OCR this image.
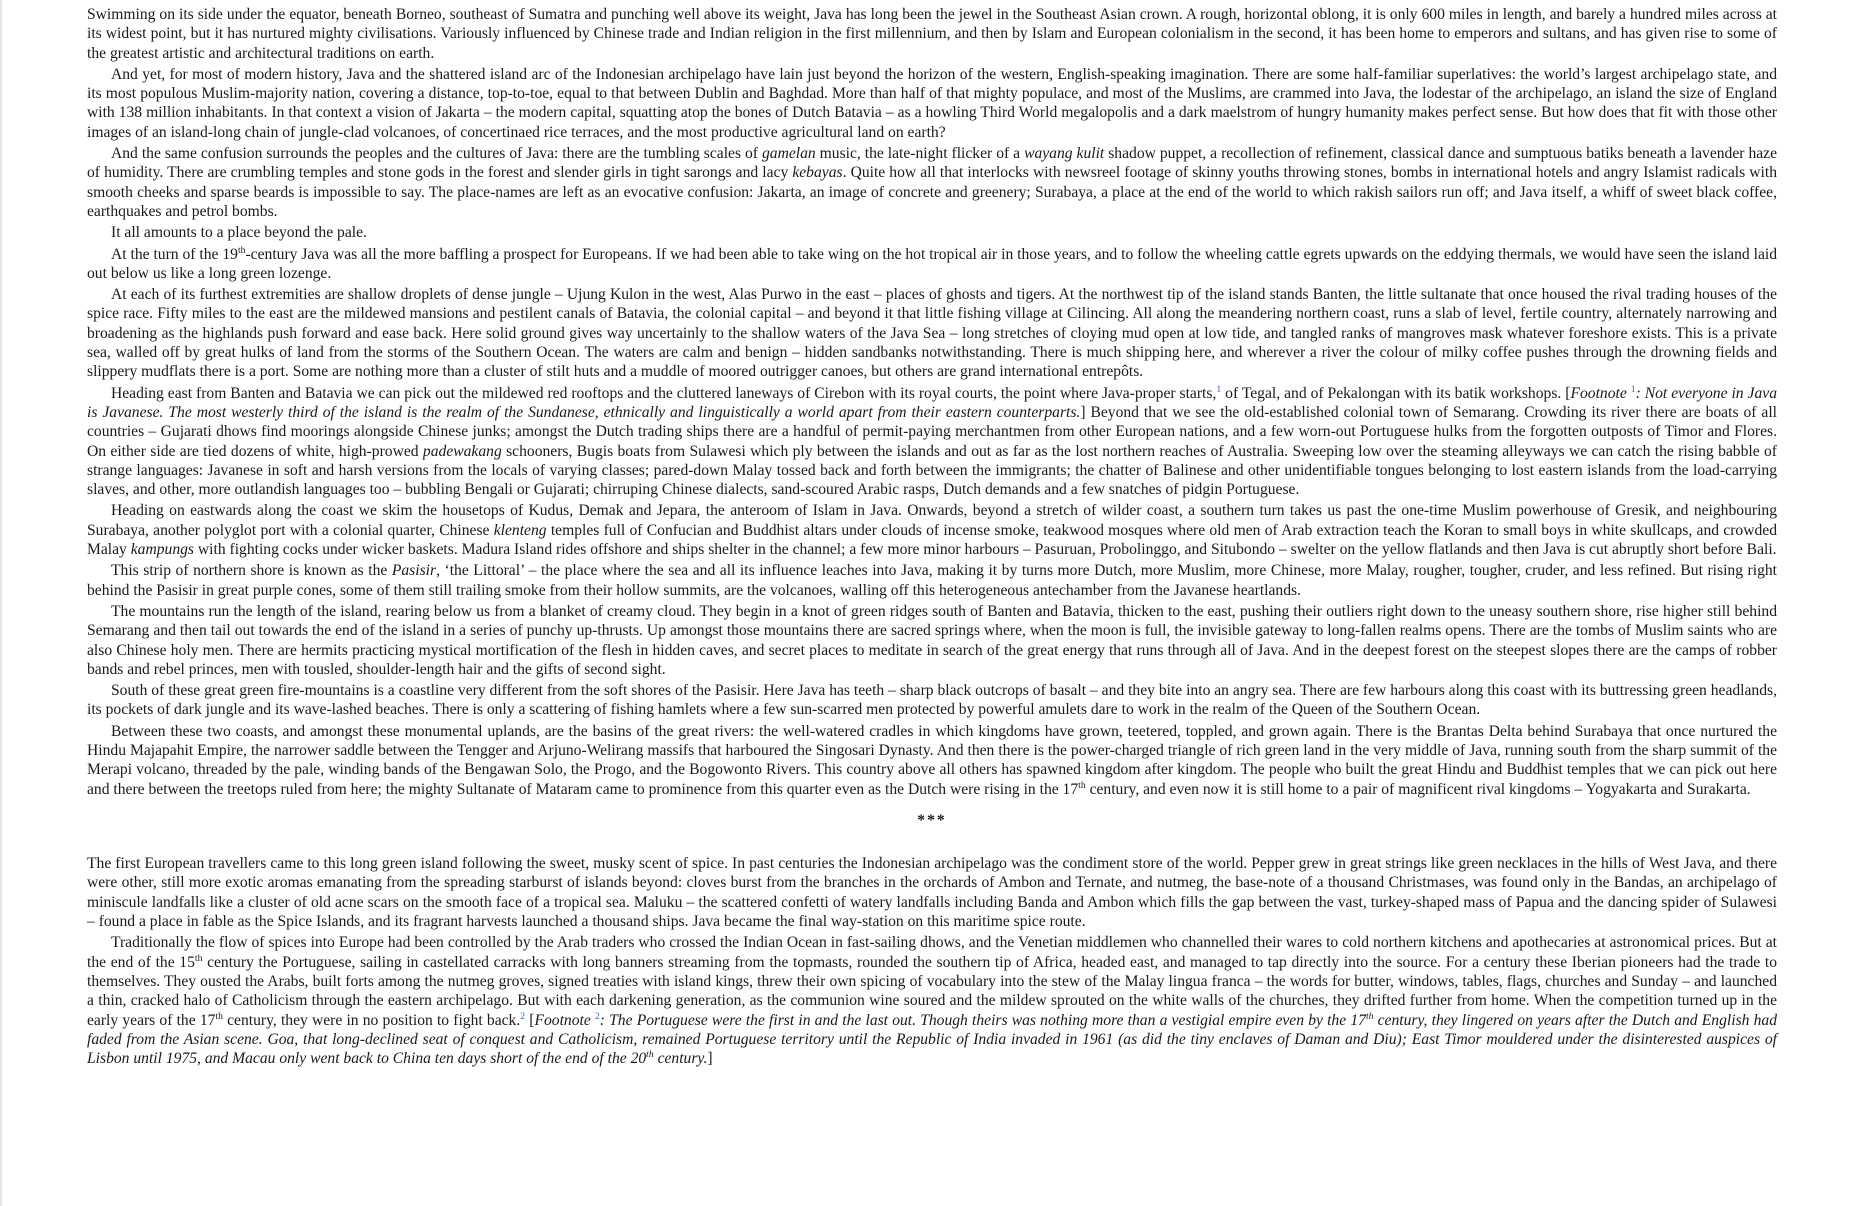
Swimming on its side under the equator, beneath Borneo, southeast of Sumatra and punching well above its weight, Java has long been the jewel in the Southeast Asian crown. A rough, horizontal oblong, it is only 600 miles in length, and barely a hundred miles across at its widest point, but it has nurtured mighty civilisations. Variously influenced by Chinese trade and Indian religion in the first millennium, and then by Islam and European colonialism in the second, it has been home to emperors and sultans, and has given rise to some of the greatest artistic and architectural traditions on earth.

And yet, for most of modern history, Java and the shattered island arc of the Indonesian archipelago have lain just beyond the horizon of the western, English-speaking imagination. There are some half-familiar superlatives: the world’s largest archipelago state, and its most populous Muslim-majority nation, covering a distance, top-to-toe, equal to that between Dublin and Baghdad. More than half of that mighty populace, and most of the Muslims, are crammed into Java, the lodestar of the archipelago, an island the size of England with 138 million inhabitants. In that context a vision of Jakarta – the modern capital, squatting atop the bones of Dutch Batavia – as a howling Third World megalopolis and a dark maelstrom of hungry humanity makes perfect sense. But how does that fit with those other images of an island-long chain of jungle-clad volcanoes, of concertinaed rice terraces, and the most productive agricultural land on earth?

And the same confusion surrounds the peoples and the cultures of Java: there are the tumbling scales of gamelan music, the late-night flicker of a wayang kulit shadow puppet, a recollection of refinement, classical dance and sumptuous batiks beneath a lavender haze of humidity. There are crumbling temples and stone gods in the forest and slender girls in tight sarongs and lacy kebayas. Quite how all that interlocks with newsreel footage of skinny youths throwing stones, bombs in international hotels and angry Islamist radicals with smooth cheeks and sparse beards is impossible to say. The place-names are left as an evocative confusion: Jakarta, an image of concrete and greenery; Surabaya, a place at the end of the world to which rakish sailors run off; and Java itself, a whiff of sweet black coffee, earthquakes and petrol bombs.

It all amounts to a place beyond the pale.

At the turn of the 19th-century Java was all the more baffling a prospect for Europeans. If we had been able to take wing on the hot tropical air in those years, and to follow the wheeling cattle egrets upwards on the eddying thermals, we would have seen the island laid out below us like a long green lozenge.

At each of its furthest extremities are shallow droplets of dense jungle – Ujung Kulon in the west, Alas Purwo in the east – places of ghosts and tigers. At the northwest tip of the island stands Banten, the little sultanate that once housed the rival trading houses of the spice race. Fifty miles to the east are the mildewed mansions and pestilent canals of Batavia, the colonial capital – and beyond it that little fishing village at Cilincing. All along the meandering northern coast, runs a slab of level, fertile country, alternately narrowing and broadening as the highlands push forward and ease back. Here solid ground gives way uncertainly to the shallow waters of the Java Sea – long stretches of cloying mud open at low tide, and tangled ranks of mangroves mask whatever foreshore exists. This is a private sea, walled off by great hulks of land from the storms of the Southern Ocean. The waters are calm and benign – hidden sandbanks notwithstanding. There is much shipping here, and wherever a river the colour of milky coffee pushes through the drowning fields and slippery mudflats there is a port. Some are nothing more than a cluster of stilt huts and a muddle of moored outrigger canoes, but others are grand international entrepôts.

Heading east from Banten and Batavia we can pick out the mildewed red rooftops and the cluttered laneways of Cirebon with its royal courts, the point where Java-proper starts,$^1$ of Tegal, and of Pekalongan with its batik workshops. [Footnote $^1$: Not everyone in Java is Javanese. The most westerly third of the island is the realm of the Sundanese, ethnically and linguistically a world apart from their eastern counterparts.] Beyond that we see the old-established colonial town of Semarang. Crowding its river there are boats of all countries – Gujarati dhows find moorings alongside Chinese junks; amongst the Dutch trading ships there are a handful of permit-paying merchantmen from other European nations, and a few worn-out Portuguese hulks from the forgotten outposts of Timor and Flores. On either side are tied dozens of white, high-prowed padewakang schooners, Bugis boats from Sulawesi which ply between the islands and out as far as the lost northern reaches of Australia. Sweeping low over the steaming alleyways we can catch the rising babble of strange languages: Javanese in soft and harsh versions from the locals of varying classes; pared-down Malay tossed back and forth between the immigrants; the chatter of Balinese and other unidentifiable tongues belonging to lost eastern islands from the load-carrying slaves, and other, more outlandish languages too – bubbling Bengali or Gujarati; chirruping Chinese dialects, sand-scoured Arabic rasps, Dutch demands and a few snatches of pidgin Portuguese.

Heading on eastwards along the coast we skim the housetops of Kudus, Demak and Jepara, the anteroom of Islam in Java. Onwards, beyond a stretch of wilder coast, a southern turn takes us past the one-time Muslim powerhouse of Gresik, and neighbouring Surabaya, another polyglot port with a colonial quarter, Chinese klenteng temples full of Confucian and Buddhist altars under clouds of incense smoke, teakwood mosques where old men of Arab extraction teach the Koran to small boys in white skullcaps, and crowded Malay kampungs with fighting cocks under wicker baskets. Madura Island rides offshore and ships shelter in the channel; a few more minor harbours – Pasuruan, Probolinggo, and Situbondo – swelter on the yellow flatlands and then Java is cut abruptly short before Bali.

This strip of northern shore is known as the Pasisir, ‘the Littoral’ – the place where the sea and all its influence leaches into Java, making it by turns more Dutch, more Muslim, more Chinese, more Malay, rougher, tougher, cruder, and less refined. But rising right behind the Pasisir in great purple cones, some of them still trailing smoke from their hollow summits, are the volcanoes, walling off this heterogeneous antechamber from the Javanese heartlands.

The mountains run the length of the island, rearing below us from a blanket of creamy cloud. They begin in a knot of green ridges south of Banten and Batavia, thicken to the east, pushing their outliers right down to the uneasy southern shore, rise higher still behind Semarang and then tail out towards the end of the island in a series of punchy up-thrusts. Up amongst those mountains there are sacred springs where, when the moon is full, the invisible gateway to long-fallen realms opens. There are the tombs of Muslim saints who are also Chinese holy men. There are hermits practicing mystical mortification of the flesh in hidden caves, and secret places to meditate in search of the great energy that runs through all of Java. And in the deepest forest on the steepest slopes there are the camps of robber bands and rebel princes, men with tousled, shoulder-length hair and the gifts of second sight.

South of these great green fire-mountains is a coastline very different from the soft shores of the Pasisir. Here Java has teeth – sharp black outcrops of basalt – and they bite into an angry sea. There are few harbours along this coast with its buttressing green headlands, its pockets of dark jungle and its wave-lashed beaches. There is only a scattering of fishing hamlets where a few sun-scarred men protected by powerful amulets dare to work in the realm of the Queen of the Southern Ocean.

Between these two coasts, and amongst these monumental uplands, are the basins of the great rivers: the well-watered cradles in which kingdoms have grown, teetered, toppled, and grown again. There is the Brantas Delta behind Surabaya that once nurtured the Hindu Majapahit Empire, the narrower saddle between the Tengger and Arjuno-Welirang massifs that harboured the Singosari Dynasty. And then there is the power-charged triangle of rich green land in the very middle of Java, running south from the sharp summit of the Merapi volcano, threaded by the pale, winding bands of the Bengawan Solo, the Progo, and the Bogowonto Rivers. This country above all others has spawned kingdom after kingdom. The people who built the great Hindu and Buddhist temples that we can pick out here and there between the treetops ruled from here; the mighty Sultanate of Mataram came to prominence from this quarter even as the Dutch were rising in the 17th century, and even now it is still home to a pair of magnificent rival kingdoms – Yogyakarta and Surakarta.

***

The first European travellers came to this long green island following the sweet, musky scent of spice. In past centuries the Indonesian archipelago was the condiment store of the world. Pepper grew in great strings like green necklaces in the hills of West Java, and there were other, still more exotic aromas emanating from the spreading starburst of islands beyond: cloves burst from the branches in the orchards of Ambon and Ternate, and nutmeg, the base-note of a thousand Christmases, was found only in the Bandas, an archipelago of miniscule landfalls like a cluster of old acne scars on the smooth face of a tropical sea. Maluku – the scattered confetti of watery landfalls including Banda and Ambon which fills the gap between the vast, turkey-shaped mass of Papua and the dancing spider of Sulawesi – found a place in fable as the Spice Islands, and its fragrant harvests launched a thousand ships. Java became the final way-station on this maritime spice route.

Traditionally the flow of spices into Europe had been controlled by the Arab traders who crossed the Indian Ocean in fast-sailing dhows, and the Venetian middlemen who channelled their wares to cold northern kitchens and apothecaries at astronomical prices. But at the end of the 15th century the Portuguese, sailing in castellated carracks with long banners streaming from the topmasts, rounded the southern tip of Africa, headed east, and managed to tap directly into the source. For a century these Iberian pioneers had the trade to themselves. They ousted the Arabs, built forts among the nutmeg groves, signed treaties with island kings, threw their own spicing of vocabulary into the stew of the Malay lingua franca – the words for butter, windows, tables, flags, churches and Sunday – and launched a thin, cracked halo of Catholicism through the eastern archipelago. But with each darkening generation, as the communion wine soured and the mildew sprouted on the white walls of the churches, they drifted further from home. When the competition turned up in the early years of the 17th century, they were in no position to fight back.$^2$ [Footnote $^2$: The Portuguese were the first in and the last out. Though theirs was nothing more than a vestigial empire even by the 17th century, they lingered on years after the Dutch and English had faded from the Asian scene. Goa, that long-declined seat of conquest and Catholicism, remained Portuguese territory until the Republic of India invaded in 1961 (as did the tiny enclaves of Daman and Diu); East Timor mouldered under the disinterested auspices of Lisbon until 1975, and Macau only went back to China ten days short of the end of the 20th century.]
